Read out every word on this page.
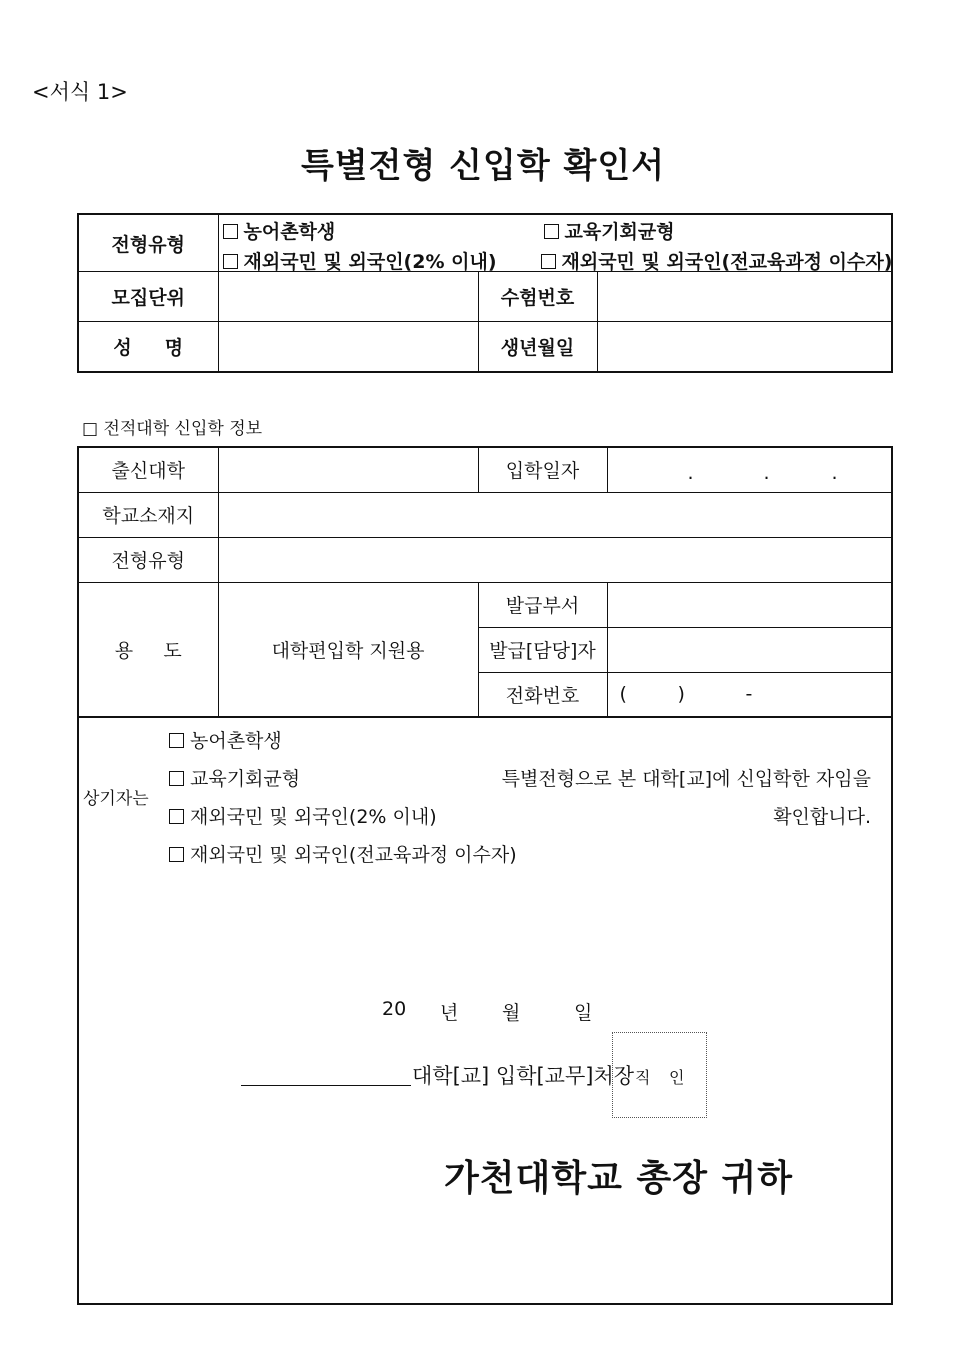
<서식 1>
특별전형 신입학 확인서
전형유형	농어촌학생 교육기회균형
재외국민 및 외국인(2% 이내) 재외국민 및 외국인(전교육과정 이수자)		

모집단위		수험번호	
성     명		생년월일	
□ 전적대학 신입학 정보
출신대학		입학일자	. . .

학교소재지			
전형유형			
용     도	대학편입학 지원용	발급부서	
		발급[담당]자	
		전화번호	( ) -
상기자는
농어촌학생
교육기회균형
재외국민 및 외국인(2% 이내)
재외국민 및 외국인(전교육과정 이수자)
특별전형으로 본 대학[교]에 신입학한 자임을
확인합니다.
20 년 월	일
대학[교] 입학[교무]처장 직 인
가천대학교 총장 귀하
